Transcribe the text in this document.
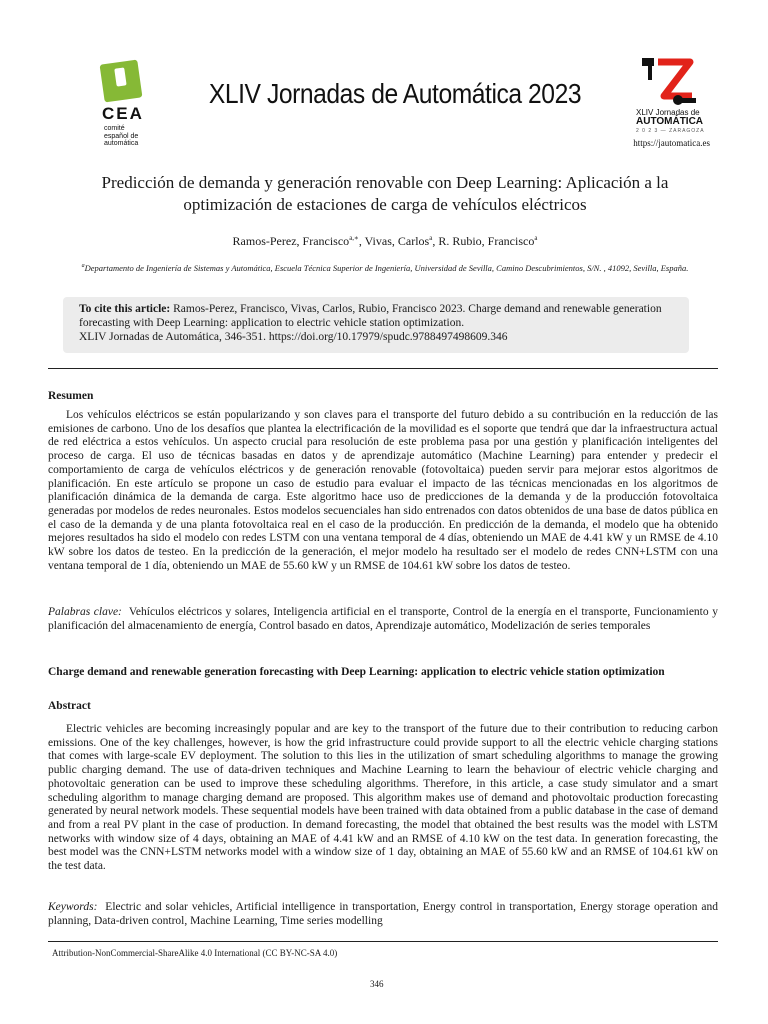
CEA
comité
español de
automática
XLIV Jornadas de Automática 2023
XLIV Jornadas de
AUTOMÁTICA
2 0 2 3 — ZARAGOZA
https://jautomatica.es
Predicción de demanda y generación renovable con Deep Learning: Aplicación a la optimización de estaciones de carga de vehículos eléctricos
Ramos-Perez, Francisco$^{a,∗}$, Vivas, Carlos$^a$, R. Rubio, Francisco$^a$
$^a$Departamento de Ingeniería de Sistemas y Automática, Escuela Técnica Superior de Ingeniería, Universidad de Sevilla, Camino Descubrimientos, S/N. , 41092, Sevilla, España.
To cite this article: Ramos-Perez, Francisco, Vivas, Carlos, Rubio, Francisco 2023. Charge demand and renewable generation forecasting with Deep Learning: application to electric vehicle station optimization.
XLIV Jornadas de Automática, 346-351. https://doi.org/10.17979/spudc.9788497498609.346
Resumen
Los vehículos eléctricos se están popularizando y son claves para el transporte del futuro debido a su contribución en la reducción de las emisiones de carbono. Uno de los desafíos que plantea la electrificación de la movilidad es el soporte que tendrá que dar la infraestructura actual de red eléctrica a estos vehículos. Un aspecto crucial para resolución de este problema pasa por una gestión y planificación inteligentes del proceso de carga. El uso de técnicas basadas en datos y de aprendizaje automático (Machine Learning) para entender y predecir el comportamiento de carga de vehículos eléctricos y de generación renovable (fotovoltaica) pueden servir para mejorar estos algoritmos de planificación. En este artículo se propone un caso de estudio para evaluar el impacto de las técnicas mencionadas en los algoritmos de planificación dinámica de la demanda de carga. Este algoritmo hace uso de predicciones de la demanda y de la producción fotovoltaica generadas por modelos de redes neuronales. Estos modelos secuenciales han sido entrenados con datos obtenidos de una base de datos pública en el caso de la demanda y de una planta fotovoltaica real en el caso de la producción. En predicción de la demanda, el modelo que ha obtenido mejores resultados ha sido el modelo con redes LSTM con una ventana temporal de 4 días, obteniendo un MAE de 4.41 kW y un RMSE de 4.10 kW sobre los datos de testeo. En la predicción de la generación, el mejor modelo ha resultado ser el modelo de redes CNN+LSTM con una ventana temporal de 1 día, obteniendo un MAE de 55.60 kW y un RMSE de 104.61 kW sobre los datos de testeo.
Palabras clave: Vehículos eléctricos y solares, Inteligencia artificial en el transporte, Control de la energía en el transporte, Funcionamiento y planificación del almacenamiento de energía, Control basado en datos, Aprendizaje automático, Modelización de series temporales
Charge demand and renewable generation forecasting with Deep Learning: application to electric vehicle station optimization
Abstract
Electric vehicles are becoming increasingly popular and are key to the transport of the future due to their contribution to reducing carbon emissions. One of the key challenges, however, is how the grid infrastructure could provide support to all the electric vehicle charging stations that comes with large-scale EV deployment. The solution to this lies in the utilization of smart scheduling algorithms to manage the growing public charging demand. The use of data-driven techniques and Machine Learning to learn the behaviour of electric vehicle charging and photovoltaic generation can be used to improve these scheduling algorithms. Therefore, in this article, a case study simulator and a smart scheduling algorithm to manage charging demand are proposed. This algorithm makes use of demand and photovoltaic production forecasting generated by neural network models. These sequential models have been trained with data obtained from a public database in the case of demand and from a real PV plant in the case of production. In demand forecasting, the model that obtained the best results was the model with LSTM networks with window size of 4 days, obtaining an MAE of 4.41 kW and an RMSE of 4.10 kW on the test data. In generation forecasting, the best model was the CNN+LSTM networks model with a window size of 1 day, obtaining an MAE of 55.60 kW and an RMSE of 104.61 kW on the test data.
Keywords: Electric and solar vehicles, Artificial intelligence in transportation, Energy control in transportation, Energy storage operation and planning, Data-driven control, Machine Learning, Time series modelling
Attribution-NonCommercial-ShareAlike 4.0 International (CC BY-NC-SA 4.0)
346
